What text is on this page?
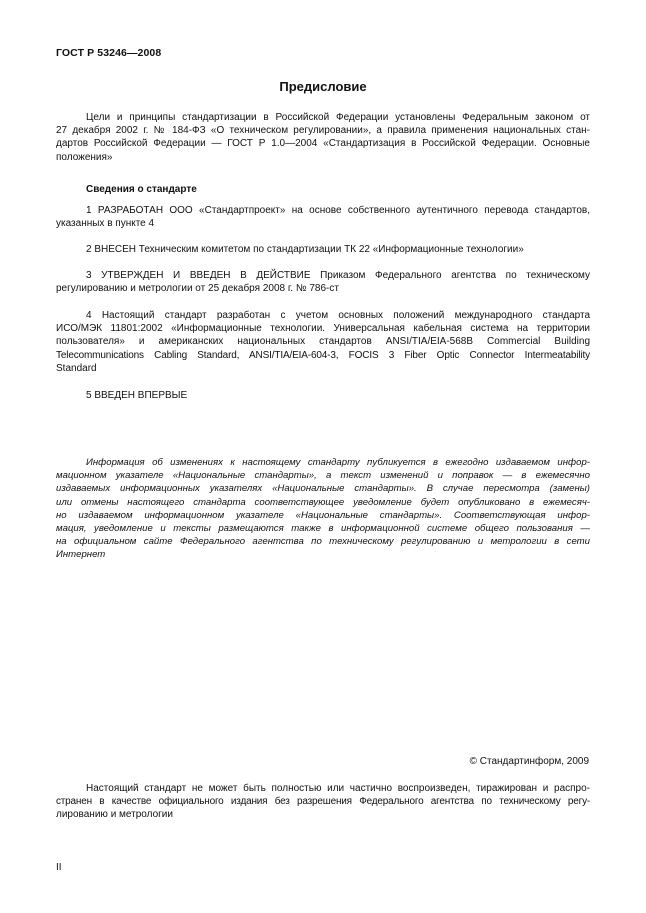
ГОСТ Р 53246—2008
Предисловие
Цели и принципы стандартизации в Российской Федерации установлены Федеральным законом от
27 декабря 2002 г. № 184-ФЗ «О техническом регулировании», а правила применения национальных стан-
дартов Российской Федерации — ГОСТ Р 1.0—2004 «Стандартизация в Российской Федерации. Основные
положения»
Сведения о стандарте
1 РАЗРАБОТАН ООО «Стандартпроект» на основе собственного аутентичного перевода стандартов,
указанных в пункте 4
2 ВНЕСЕН Техническим комитетом по стандартизации ТК 22 «Информационные технологии»
3 УТВЕРЖДЕН И ВВЕДЕН В ДЕЙСТВИЕ Приказом Федерального агентства по техническому
регулированию и метрологии от 25 декабря 2008 г. № 786-ст
4 Настоящий стандарт разработан с учетом основных положений международного стандарта
ИСО/МЭК 11801:2002 «Информационные технологии. Универсальная кабельная система на территории
пользователя» и американских национальных стандартов ANSI/TIA/EIA-568B Commercial Building
Telecommunications Cabling Standard, ANSI/TIA/EIA-604-3, FOCIS 3 Fiber Optic Connector Intermeatability
Standard
5 ВВЕДЕН ВПЕРВЫЕ
Информация об изменениях к настоящему стандарту публикуется в ежегодно издаваемом инфор-
мационном указателе «Национальные стандарты», а текст изменений и поправок — в ежемесячно
издаваемых информационных указателях «Национальные стандарты». В случае пересмотра (замены)
или отмены настоящего стандарта соответствующее уведомление будет опубликовано в ежемесяч-
но издаваемом информационном указателе «Национальные стандарты». Соответствующая инфор-
мация, уведомление и тексты размещаются также в информационной системе общего пользования —
на официальном сайте Федерального агентства по техническому регулированию и метрологии в сети
Интернет
© Стандартинформ, 2009
Настоящий стандарт не может быть полностью или частично воспроизведен, тиражирован и распро-
странен в качестве официального издания без разрешения Федерального агентства по техническому регу-
лированию и метрологии
II
